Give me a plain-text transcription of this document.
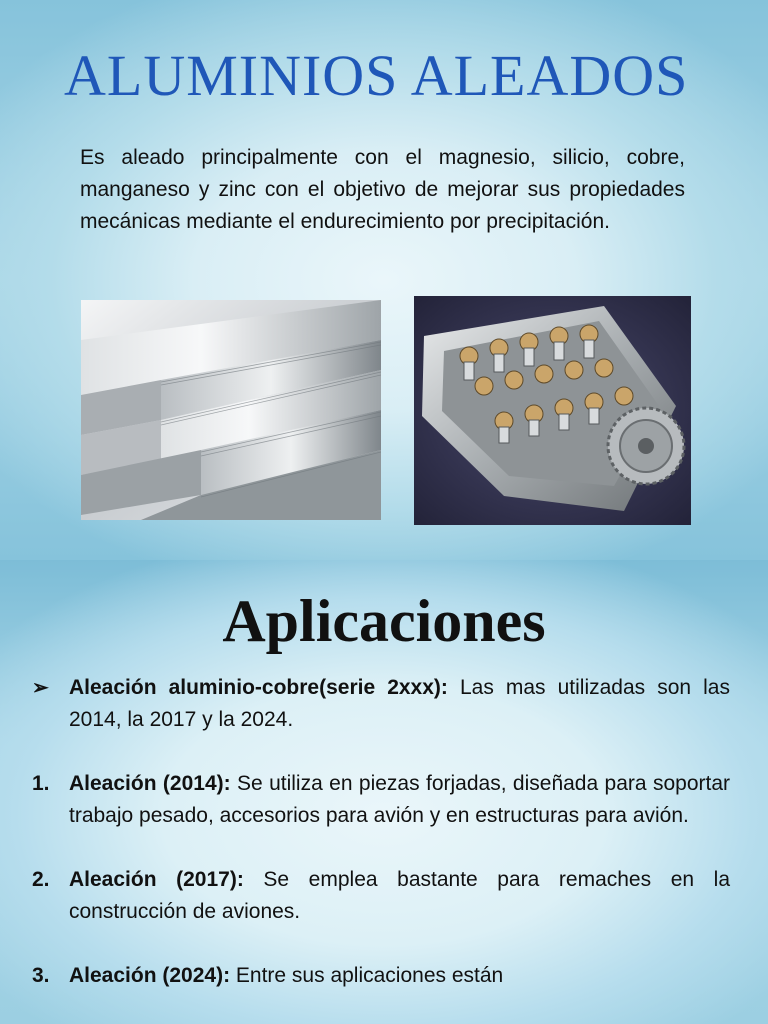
ALUMINIOS ALEADOS
Es aleado principalmente con el magnesio, silicio, cobre, manganeso y zinc con el objetivo de mejorar sus propiedades mecánicas mediante el endurecimiento por precipitación.
Aplicaciones
➢ Aleación aluminio-cobre(serie 2xxx): Las mas utilizadas son las 2014, la 2017 y la 2024.
1. Aleación (2014): Se utiliza en piezas forjadas, diseñada para soportar trabajo pesado, accesorios para avión y en estructuras para avión.
2. Aleación (2017): Se emplea bastante para remaches en la construcción de aviones.
3. Aleación (2024): Entre sus aplicaciones están
